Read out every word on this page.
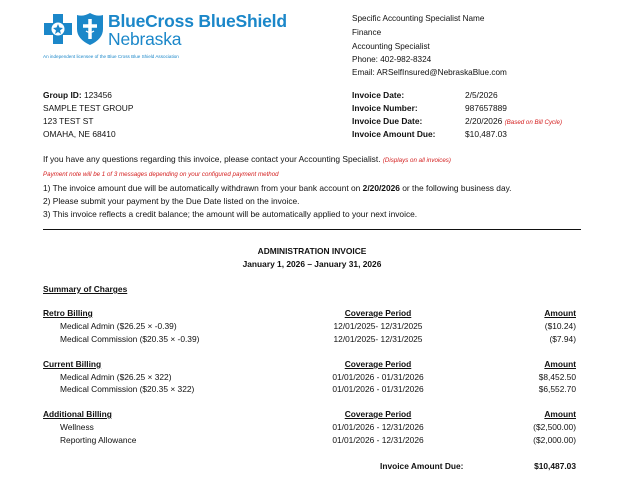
BlueCross BlueShield
Nebraska
An independent licensee of the Blue Cross Blue Shield Association
Specific Accounting Specialist Name
Finance
Accounting Specialist
Phone: 402-982-8324
Email: ARSelfInsured@NebraskaBlue.com
Group ID: 123456
SAMPLE TEST GROUP
123 TEST ST
OMAHA, NE 68410
Invoice Date:	2/5/2026
Invoice Number:	987657889
Invoice Due Date:	2/20/2026 (Based on Bill Cycle)
Invoice Amount Due:	$10,487.03
If you have any questions regarding this invoice, please contact your Accounting Specialist. (Displays on all invoices)
Payment note will be 1 of 3 messages depending on your configured payment method
1) The invoice amount due will be automatically withdrawn from your bank account on 2/20/2026 or the following business day.
2) Please submit your payment by the Due Date listed on the invoice.
3) This invoice reflects a credit balance; the amount will be automatically applied to your next invoice.
ADMINISTRATION INVOICE
January 1, 2026 – January 31, 2026
Summary of Charges
Retro Billing	Coverage Period	Amount
Medical Admin ($26.25 × -0.39)	12/01/2025- 12/31/2025	($10.24)
Medical Commission ($20.35 × -0.39)	12/01/2025- 12/31/2025	($7.94)
Current Billing	Coverage Period	Amount
Medical Admin ($26.25 × 322)	01/01/2026 - 01/31/2026	$8,452.50
Medical Commission ($20.35 × 322)	01/01/2026 - 01/31/2026	$6,552.70
Additional Billing	Coverage Period	Amount
Wellness	01/01/2026 - 12/31/2026	($2,500.00)
Reporting Allowance	01/01/2026 - 12/31/2026	($2,000.00)
Invoice Amount Due:	$10,487.03
